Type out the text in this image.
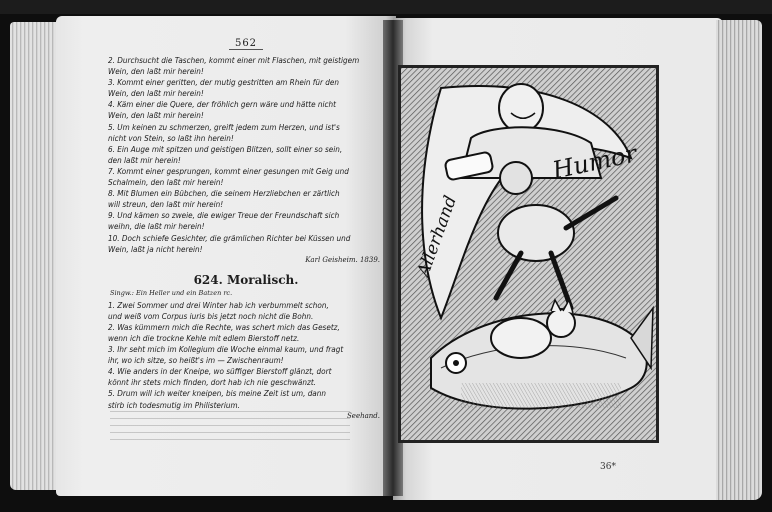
562

2. Durchsucht die Taschen, kommt einer mit Flaschen, mit geistigem

Wein, den laßt mir herein!

3. Kommt einer geritten, der mutig gestritten am Rhein für den

Wein, den laßt mir herein!

4. Käm einer die Quere, der fröhlich gern wäre und hätte nicht

Wein, den laßt mir herein!

5. Um keinen zu schmerzen, greift jedem zum Herzen, und ist's

nicht von Stein, so laßt ihn herein!

6. Ein Auge mit spitzen und geistigen Blitzen, sollt einer so sein,

den laßt mir herein!

7. Kommt einer gesprungen, kommt einer gesungen mit Geig und

Schalmein, den laßt mir herein!

8. Mit Blumen ein Bübchen, die seinem Herzliebchen er zärtlich

will streun, den laßt mir herein!

9. Und kämen so zweie, die ewiger Treue der Freundschaft sich

weihn, die laßt mir herein!

10. Doch schiefe Gesichter, die grämlichen Richter bei Küssen und

Wein, laßt ja nicht herein!

Karl Geisheim. 1839.

624. Moralisch.
Singw.: Ein Heller und ein Batzen rc.

1. Zwei Sommer und drei Winter hab ich verbummelt schon,

und weiß vom Corpus iuris bis jetzt noch nicht die Bohn.

2. Was kümmern mich die Rechte, was schert mich das Gesetz,

wenn ich die trockne Kehle mit edlem Bierstoff netz.

3. Ihr seht mich im Kollegium die Woche einmal kaum, und fragt

ihr, wo ich sitze, so heißt's im — Zwischenraum!

4. Wie anders in der Kneipe, wo süffiger Bierstoff glänzt, dort

könnt ihr stets mich finden, dort hab ich nie geschwänzt.

5. Drum will ich weiter kneipen, bis meine Zeit ist um, dann

stirb ich todesmutig im Philisterium.

Seehand.

Humor
Allerhand
36*
